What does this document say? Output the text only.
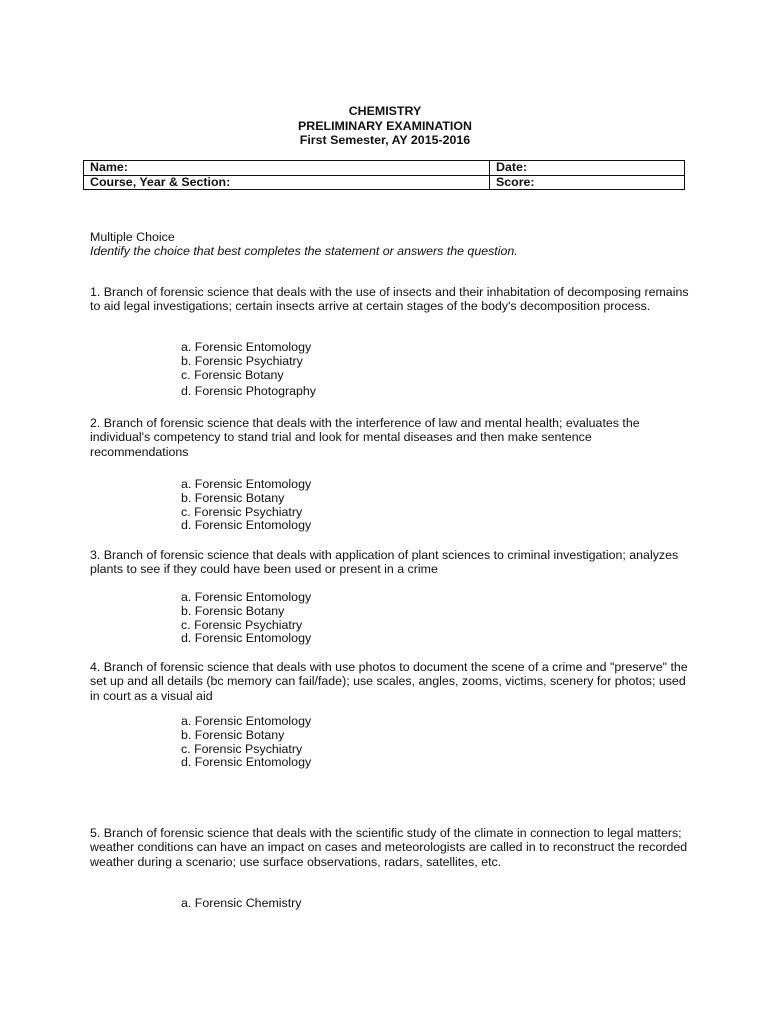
CHEMISTRY
PRELIMINARY EXAMINATION
First Semester, AY 2015-2016
Name:	Date:
Course, Year & Section:	Score:
Multiple Choice
Identify the choice that best completes the statement or answers the question.
1. Branch of forensic science that deals with the use of insects and their inhabitation of decomposing remains to aid legal investigations; certain insects arrive at certain stages of the body's decomposition process.
a. Forensic Entomology
b. Forensic Psychiatry
c. Forensic Botany
d. Forensic Photography
2. Branch of forensic science that deals with the interference of law and mental health; evaluates the individual's competency to stand trial and look for mental diseases and then make sentence recommendations
a. Forensic Entomology
b. Forensic Botany
c. Forensic Psychiatry
d. Forensic Entomology
3. Branch of forensic science that deals with application of plant sciences to criminal investigation; analyzes plants to see if they could have been used or present in a crime
a. Forensic Entomology
b. Forensic Botany
c. Forensic Psychiatry
d. Forensic Entomology
4. Branch of forensic science that deals with use photos to document the scene of a crime and "preserve" the set up and all details (bc memory can fail/fade); use scales, angles, zooms, victims, scenery for photos; used in court as a visual aid
a. Forensic Entomology
b. Forensic Botany
c. Forensic Psychiatry
d. Forensic Entomology
5. Branch of forensic science that deals with the scientific study of the climate in connection to legal matters; weather conditions can have an impact on cases and meteorologists are called in to reconstruct the recorded weather during a scenario; use surface observations, radars, satellites, etc.
a. Forensic Chemistry
